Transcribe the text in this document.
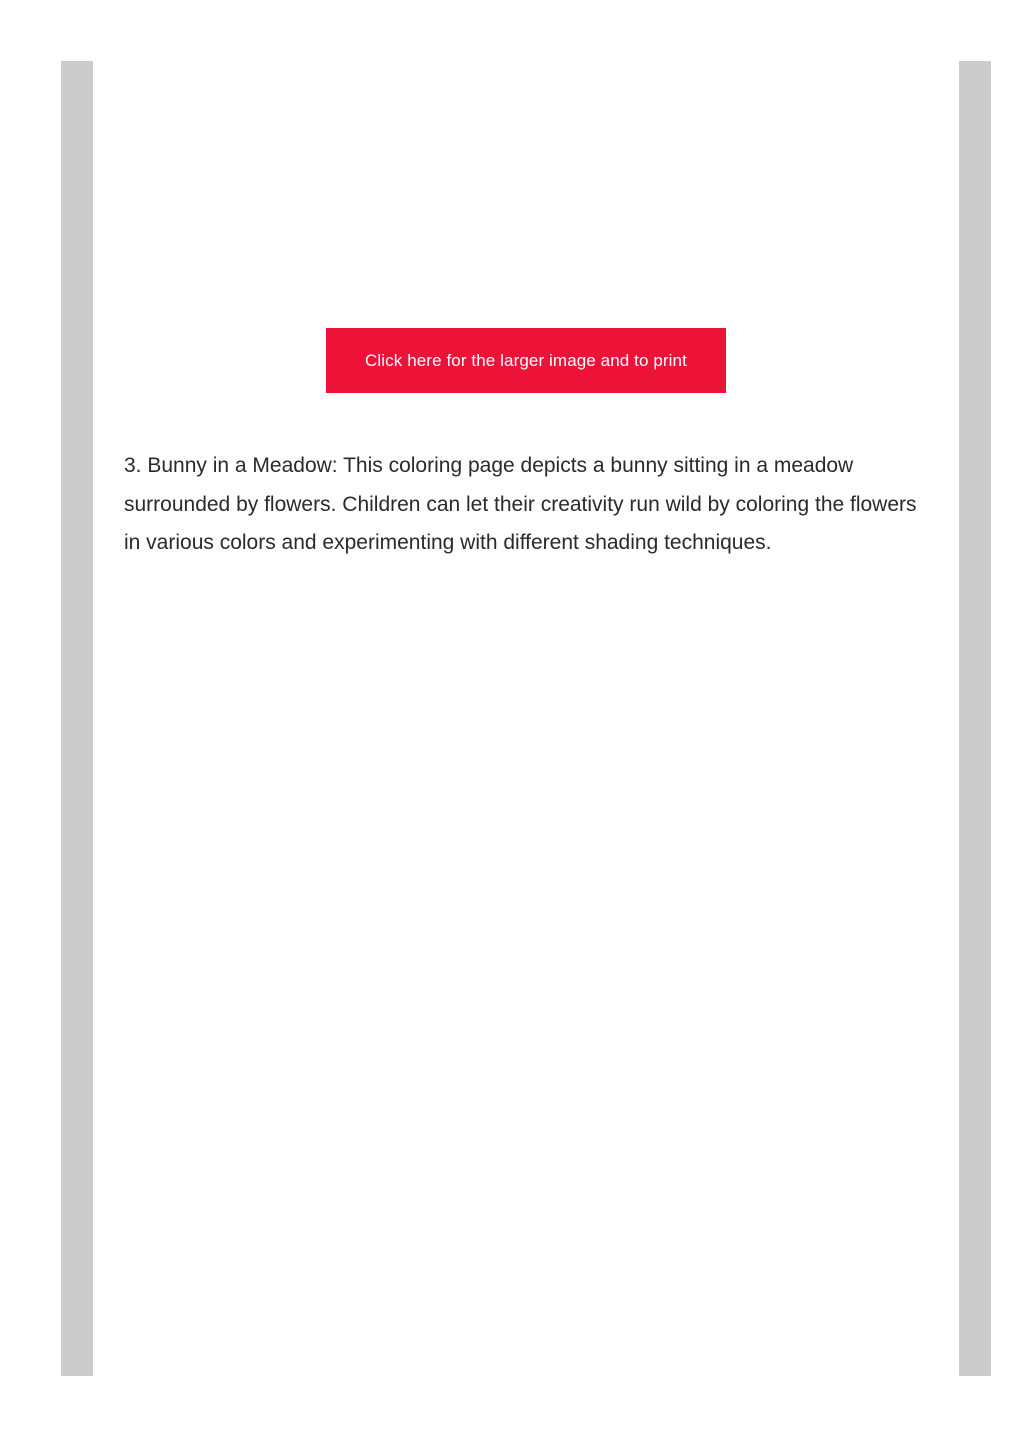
Click here for the larger image and to print

3. Bunny in a Meadow: This coloring page depicts a bunny sitting in a meadow surrounded by flowers. Children can let their creativity run wild by coloring the flowers in various colors and experimenting with different shading techniques.
